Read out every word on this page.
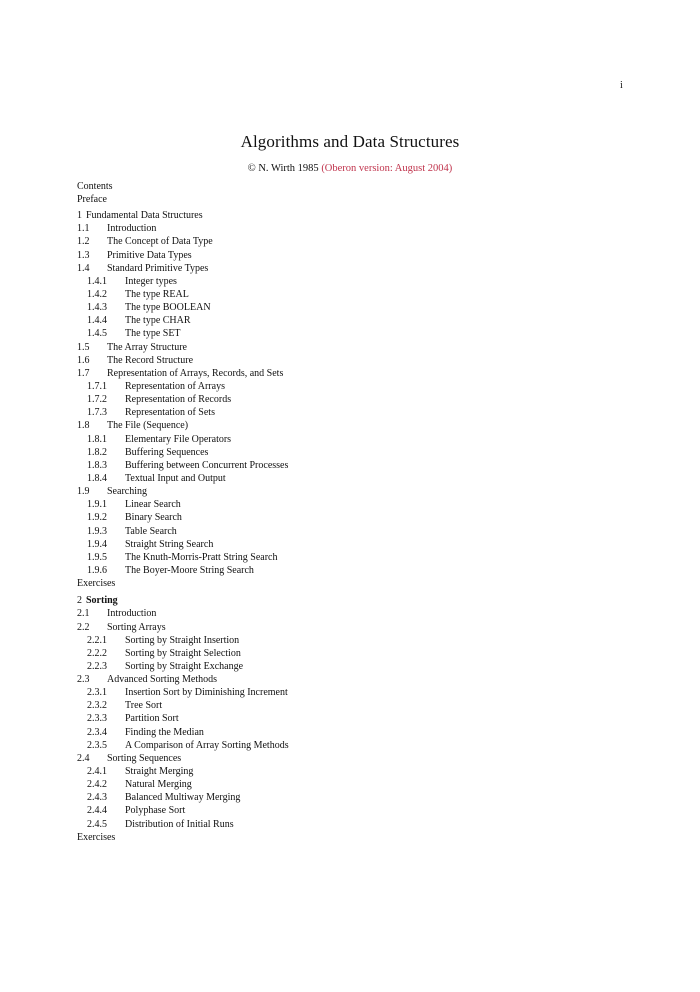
i
Algorithms and Data Structures
© N. Wirth 1985 (Oberon version: August 2004)
Contents
Preface
1 Fundamental Data Structures
1.1 Introduction
1.2 The Concept of Data Type
1.3 Primitive Data Types
1.4 Standard Primitive Types
1.4.1 Integer types
1.4.2 The type REAL
1.4.3 The type BOOLEAN
1.4.4 The type CHAR
1.4.5 The type SET
1.5 The Array Structure
1.6 The Record Structure
1.7 Representation of Arrays, Records, and Sets
1.7.1 Representation of Arrays
1.7.2 Representation of Records
1.7.3 Representation of Sets
1.8 The File (Sequence)
1.8.1 Elementary File Operators
1.8.2 Buffering Sequences
1.8.3 Buffering between Concurrent Processes
1.8.4 Textual Input and Output
1.9 Searching
1.9.1 Linear Search
1.9.2 Binary Search
1.9.3 Table Search
1.9.4 Straight String Search
1.9.5 The Knuth-Morris-Pratt String Search
1.9.6 The Boyer-Moore String Search
Exercises
2 Sorting
2.1 Introduction
2.2 Sorting Arrays
2.2.1 Sorting by Straight Insertion
2.2.2 Sorting by Straight Selection
2.2.3 Sorting by Straight Exchange
2.3 Advanced Sorting Methods
2.3.1 Insertion Sort by Diminishing Increment
2.3.2 Tree Sort
2.3.3 Partition Sort
2.3.4 Finding the Median
2.3.5 A Comparison of Array Sorting Methods
2.4 Sorting Sequences
2.4.1 Straight Merging
2.4.2 Natural Merging
2.4.3 Balanced Multiway Merging
2.4.4 Polyphase Sort
2.4.5 Distribution of Initial Runs
Exercises
